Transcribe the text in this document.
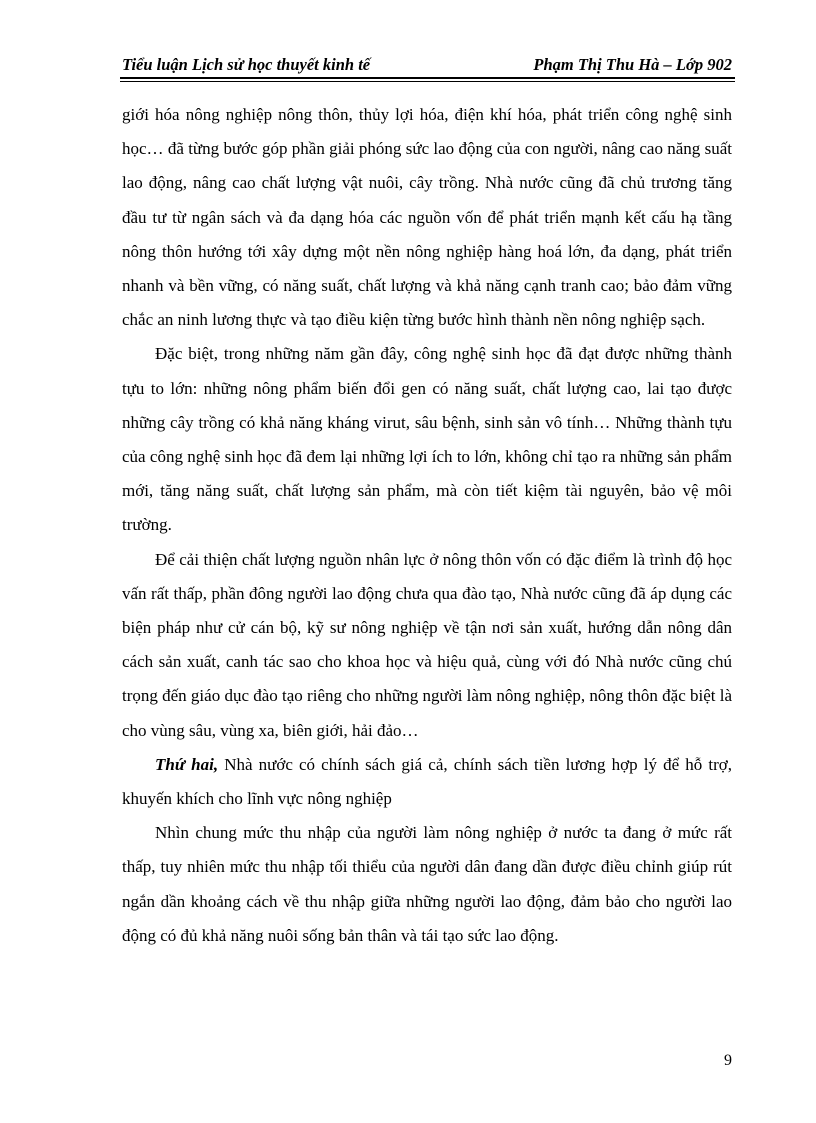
Tiểu luận Lịch sử học thuyết kinh tế	Phạm Thị Thu Hà – Lớp 902

giới hóa nông nghiệp nông thôn, thủy lợi hóa, điện khí hóa, phát triển công nghệ sinh học… đã từng bước góp phần giải phóng sức lao động của con người, nâng cao năng suất lao động, nâng cao chất lượng vật nuôi, cây trồng. Nhà nước cũng đã chủ trương tăng đầu tư từ ngân sách và đa dạng hóa các nguồn vốn để phát triển mạnh kết cấu hạ tầng nông thôn hướng tới xây dựng một nền nông nghiệp hàng hoá lớn, đa dạng, phát triển nhanh và bền vững, có năng suất, chất lượng và khả năng cạnh tranh cao; bảo đảm vững chắc an ninh lương thực và tạo điều kiện từng bước hình thành nền nông nghiệp sạch.

Đặc biệt, trong những năm gần đây, công nghệ sinh học đã đạt được những thành tựu to lớn: những nông phẩm biến đổi gen có năng suất, chất lượng cao, lai tạo được những cây trồng có khả năng kháng virut, sâu bệnh, sinh sản vô tính… Những thành tựu của công nghệ sinh học đã đem lại những lợi ích to lớn, không chỉ tạo ra những sản phẩm mới, tăng năng suất, chất lượng sản phẩm, mà còn tiết kiệm tài nguyên, bảo vệ môi trường.

Để cải thiện chất lượng nguồn nhân lực ở nông thôn vốn có đặc điểm là trình độ học vấn rất thấp, phần đông người lao động chưa qua đào tạo, Nhà nước cũng đã áp dụng các biện pháp như cử cán bộ, kỹ sư nông nghiệp về tận nơi sản xuất, hướng dẫn nông dân cách sản xuất, canh tác sao cho khoa học và hiệu quả, cùng với đó Nhà nước cũng chú trọng đến giáo dục đào tạo riêng cho những người làm nông nghiệp, nông thôn đặc biệt là cho vùng sâu, vùng xa, biên giới, hải đảo…

Thứ hai, Nhà nước có chính sách giá cả, chính sách tiền lương hợp lý để hỗ trợ, khuyến khích cho lĩnh vực nông nghiệp

Nhìn chung mức thu nhập của người làm nông nghiệp ở nước ta đang ở mức rất thấp, tuy nhiên mức thu nhập tối thiểu của người dân đang dần được điều chỉnh giúp rút ngắn dần khoảng cách về thu nhập giữa những người lao động, đảm bảo cho người lao động có đủ khả năng nuôi sống bản thân và tái tạo sức lao động.

9
